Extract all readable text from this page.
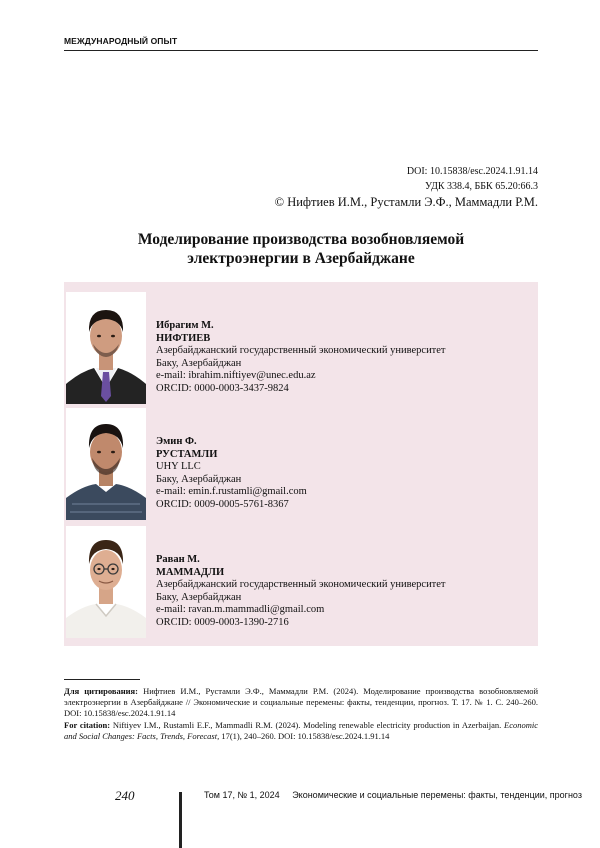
МЕЖДУНАРОДНЫЙ ОПЫТ
DOI: 10.15838/esc.2024.1.91.14
УДК 338.4, ББК 65.20:66.3
© Нифтиев И.М., Рустамли Э.Ф., Маммадли Р.М.
Моделирование производства возобновляемой
электроэнергии в Азербайджане
Ибрагим М.
НИФТИЕВ
Азербайджанский государственный экономический университет
Баку, Азербайджан
e-mail: ibrahim.niftiyev@unec.edu.az
ORCID: 0000-0003-3437-9824
Эмин Ф.
РУСТАМЛИ
UHY LLC
Баку, Азербайджан
e-mail: emin.f.rustamli@gmail.com
ORCID: 0009-0005-5761-8367
Раван М.
МАММАДЛИ
Азербайджанский государственный экономический университет
Баку, Азербайджан
e-mail: ravan.m.mammadli@gmail.com
ORCID: 0009-0003-1390-2716
Для цитирования: Нифтиев И.М., Рустамли Э.Ф., Маммадли Р.М. (2024). Моделирование производства возобновляемой электроэнергии в Азербайджане // Экономические и социальные перемены: факты, тенденции, прогноз. Т. 17. № 1. С. 240–260. DOI: 10.15838/esc.2024.1.91.14
For citation: Niftiyev I.M., Rustamli E.F., Mammadli R.M. (2024). Modeling renewable electricity production in Azerbaijan. Economic and Social Changes: Facts, Trends, Forecast, 17(1), 240–260. DOI: 10.15838/esc.2024.1.91.14
240	Том 17, № 1, 2024 Экономические и социальные перемены: факты, тенденции, прогноз
